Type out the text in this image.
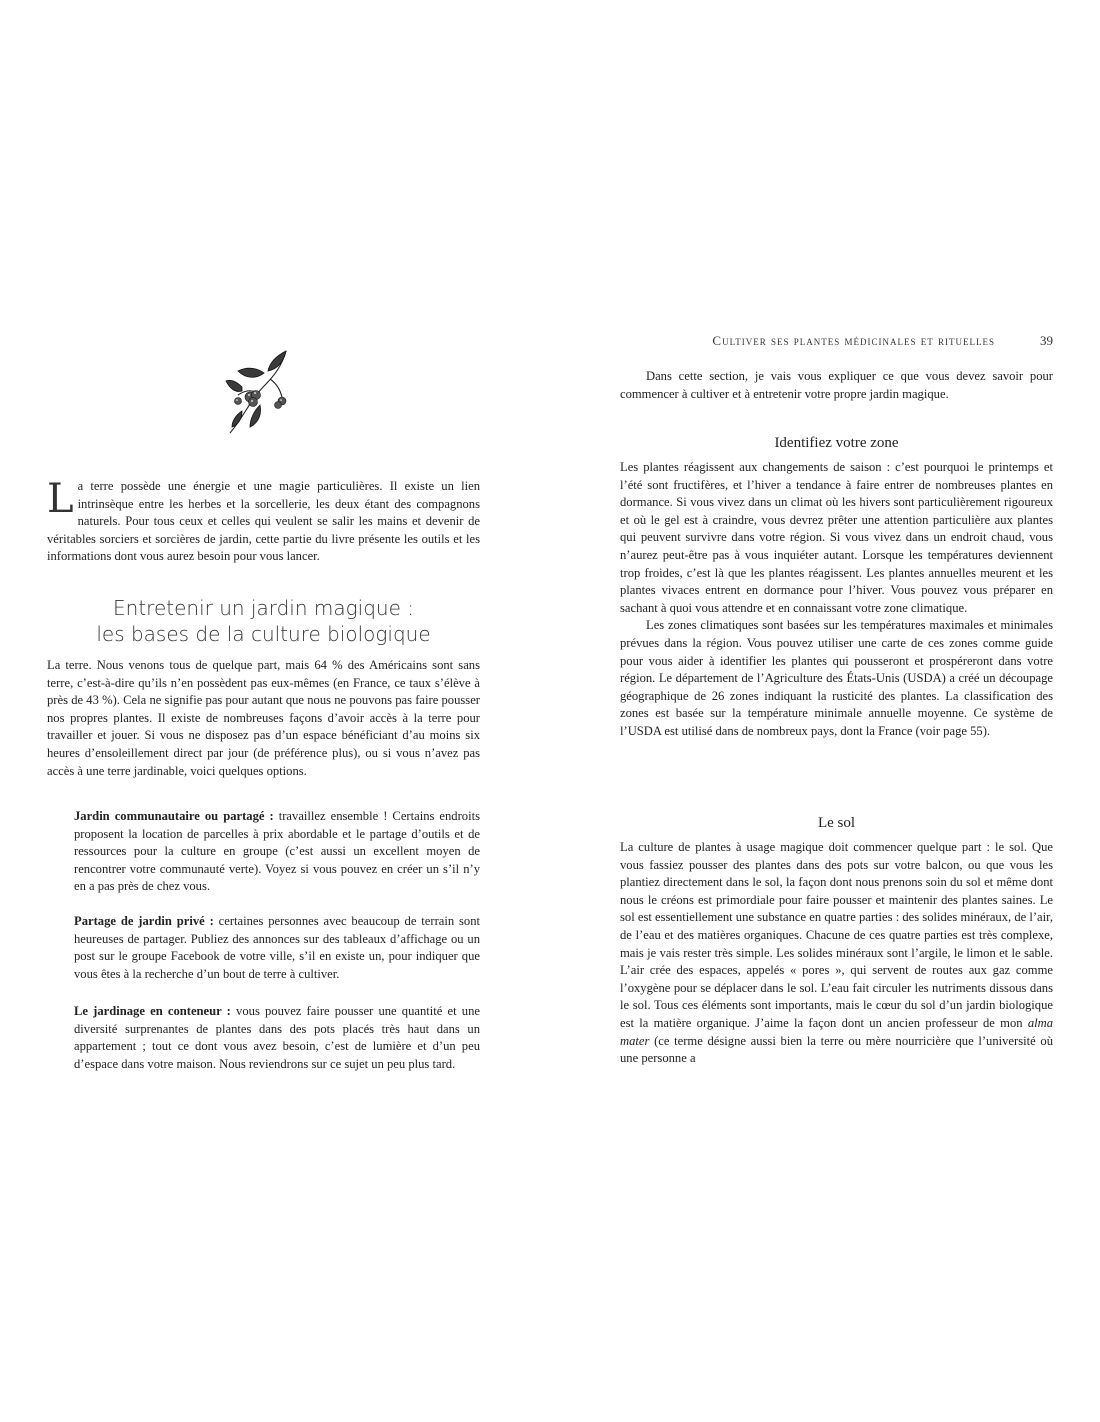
Cultiver ses plantes médicinales et rituelles	39
L a terre possède une énergie et une magie particulières. Il existe un lien intrinsèque entre les herbes et la sorcellerie, les deux étant des compagnons naturels. Pour tous ceux et celles qui veulent se salir les mains et devenir de véritables sorciers et sorcières de jardin, cette partie du livre présente les outils et les informations dont vous aurez besoin pour vous lancer.

Entretenir un jardin magique :
les bases de la culture biologique

La terre. Nous venons tous de quelque part, mais 64 % des Américains sont sans terre, c’est-à-dire qu’ils n’en possèdent pas eux-mêmes (en France, ce taux s’élève à près de 43 %). Cela ne signifie pas pour autant que nous ne pouvons pas faire pousser nos propres plantes. Il existe de nombreuses façons d’avoir accès à la terre pour travailler et jouer. Si vous ne disposez pas d’un espace bénéficiant d’au moins six heures d’ensoleillement direct par jour (de préférence plus), ou si vous n’avez pas accès à une terre jardinable, voici quelques options.

Jardin communautaire ou partagé : travaillez ensemble ! Certains endroits proposent la location de parcelles à prix abordable et le partage d’outils et de ressources pour la culture en groupe (c’est aussi un excellent moyen de rencontrer votre communauté verte). Voyez si vous pouvez en créer un s’il n’y en a pas près de chez vous.

Partage de jardin privé : certaines personnes avec beaucoup de terrain sont heureuses de partager. Publiez des annonces sur des tableaux d’affichage ou un post sur le groupe Facebook de votre ville, s’il en existe un, pour indiquer que vous êtes à la recherche d’un bout de terre à cultiver.

Le jardinage en conteneur : vous pouvez faire pousser une quantité et une diversité surprenantes de plantes dans des pots placés très haut dans un appartement ; tout ce dont vous avez besoin, c’est de lumière et d’un peu d’espace dans votre maison. Nous reviendrons sur ce sujet un peu plus tard.

Dans cette section, je vais vous expliquer ce que vous devez savoir pour commencer à cultiver et à entretenir votre propre jardin magique.

Identifiez votre zone

Les plantes réagissent aux changements de saison : c’est pourquoi le printemps et l’été sont fructifères, et l’hiver a tendance à faire entrer de nombreuses plantes en dormance. Si vous vivez dans un climat où les hivers sont particulièrement rigoureux et où le gel est à craindre, vous devrez prêter une attention particulière aux plantes qui peuvent survivre dans votre région. Si vous vivez dans un endroit chaud, vous n’aurez peut-être pas à vous inquiéter autant. Lorsque les températures deviennent trop froides, c’est là que les plantes réagissent. Les plantes annuelles meurent et les plantes vivaces entrent en dormance pour l’hiver. Vous pouvez vous préparer en sachant à quoi vous attendre et en connaissant votre zone climatique.

Les zones climatiques sont basées sur les températures maximales et minimales prévues dans la région. Vous pouvez utiliser une carte de ces zones comme guide pour vous aider à identifier les plantes qui pousseront et prospéreront dans votre région. Le département de l’Agriculture des États-Unis (USDA) a créé un découpage géographique de 26 zones indiquant la rusticité des plantes. La classification des zones est basée sur la température minimale annuelle moyenne. Ce système de l’USDA est utilisé dans de nombreux pays, dont la France (voir page 55).

Le sol

La culture de plantes à usage magique doit commencer quelque part : le sol. Que vous fassiez pousser des plantes dans des pots sur votre balcon, ou que vous les plantiez directement dans le sol, la façon dont nous prenons soin du sol et même dont nous le créons est primordiale pour faire pousser et maintenir des plantes saines. Le sol est essentiellement une substance en quatre parties : des solides minéraux, de l’air, de l’eau et des matières organiques. Chacune de ces quatre parties est très complexe, mais je vais rester très simple. Les solides minéraux sont l’argile, le limon et le sable. L’air crée des espaces, appelés « pores », qui servent de routes aux gaz comme l’oxygène pour se déplacer dans le sol. L’eau fait circuler les nutriments dissous dans le sol. Tous ces éléments sont importants, mais le cœur du sol d’un jardin biologique est la matière organique. J’aime la façon dont un ancien professeur de mon alma mater (ce terme désigne aussi bien la terre ou mère nourricière que l’université où une personne a
